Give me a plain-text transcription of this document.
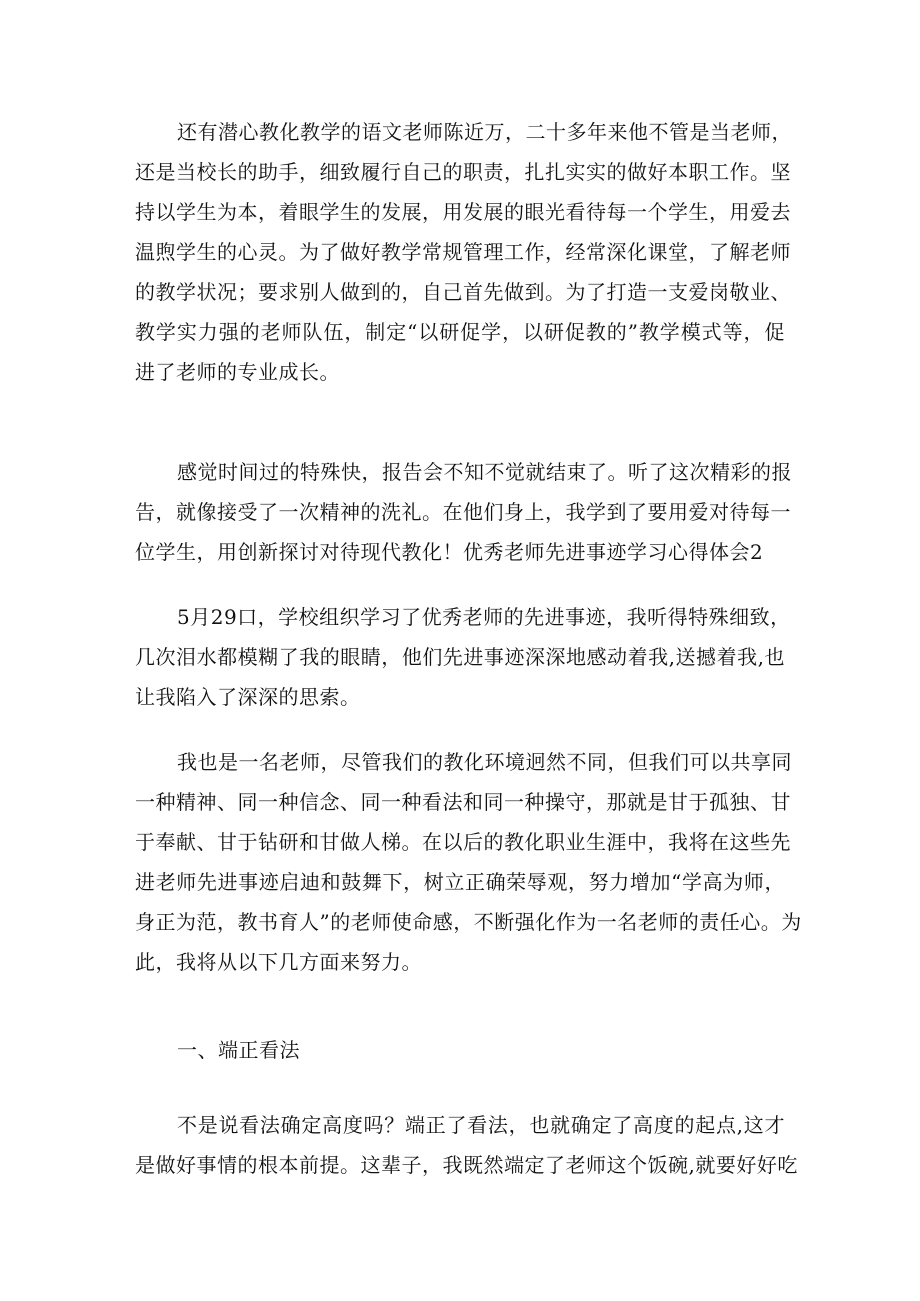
还有潜心教化教学的语文老师陈近万，二十多年来他不管是当老师，
还是当校长的助手，细致履行自己的职责，扎扎实实的做好本职工作。坚
持以学生为本，着眼学生的发展，用发展的眼光看待每一个学生，用爱去
温煦学生的心灵。为了做好教学常规管理工作，经常深化课堂，了解老师
的教学状况；要求别人做到的，自己首先做到。为了打造一支爱岗敬业、
教学实力强的老师队伍，制定“以研促学，以研促教的”教学模式等，促
进了老师的专业成长。
感觉时间过的特殊快，报告会不知不觉就结束了。听了这次精彩的报
告，就像接受了一次精神的洗礼。在他们身上，我学到了要用爱对待每一
位学生，用创新探讨对待现代教化！优秀老师先进事迹学习心得体会2
5月29口，学校组织学习了优秀老师的先进事迹，我听得特殊细致，
几次泪水都模糊了我的眼睛，他们先进事迹深深地感动着我,送撼着我,也
让我陷入了深深的思索。
我也是一名老师，尽管我们的教化环境迥然不同，但我们可以共享同
一种精神、同一种信念、同一种看法和同一种操守，那就是甘于孤独、甘
于奉献、甘于钻研和甘做人梯。在以后的教化职业生涯中，我将在这些先
进老师先进事迹启迪和鼓舞下，树立正确荣辱观，努力增加“学高为师，
身正为范，教书育人”的老师使命感，不断强化作为一名老师的责任心。为
此，我将从以下几方面来努力。
一、端正看法
不是说看法确定高度吗？端正了看法，也就确定了高度的起点,这才
是做好事情的根本前提。这辈子，我既然端定了老师这个饭碗,就要好好吃
